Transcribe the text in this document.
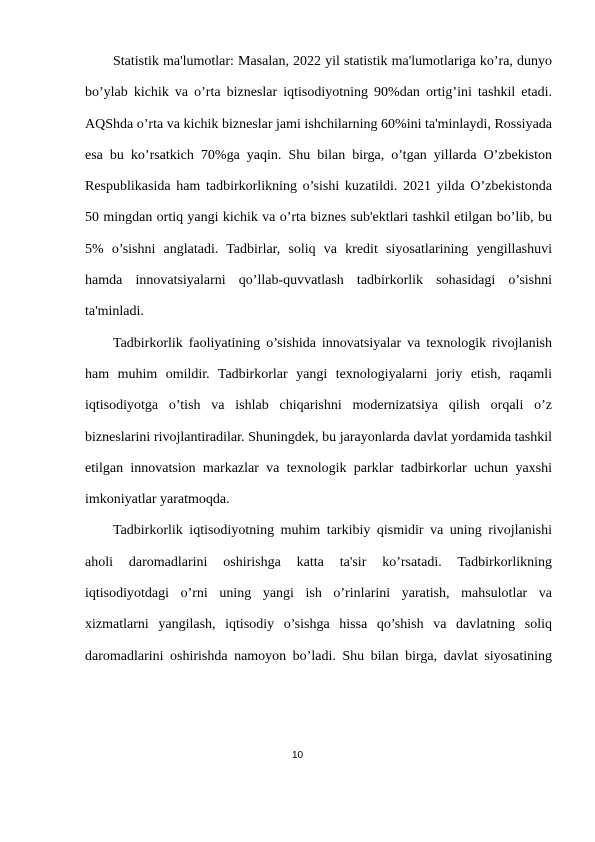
Statistik ma'lumotlar: Masalan, 2022 yil statistik ma'lumotlariga ko’ra, dunyo
bo’ylab kichik va o’rta bizneslar iqtisodiyotning 90%dan ortig’ini tashkil etadi.
AQShda o’rta va kichik bizneslar jami ishchilarning 60%ini ta'minlaydi, Rossiyada
esa bu ko’rsatkich 70%ga yaqin. Shu bilan birga, o’tgan yillarda O’zbekiston
Respublikasida ham tadbirkorlikning o’sishi kuzatildi. 2021 yilda O’zbekistonda
50 mingdan ortiq yangi kichik va o’rta biznes sub'ektlari tashkil etilgan bo’lib, bu
5% o’sishni anglatadi. Tadbirlar, soliq va kredit siyosatlarining yengillashuvi
hamda innovatsiyalarni qo’llab-quvvatlash tadbirkorlik sohasidagi o’sishni
ta'minladi.
Tadbirkorlik faoliyatining o’sishida innovatsiyalar va texnologik rivojlanish
ham muhim omildir. Tadbirkorlar yangi texnologiyalarni joriy etish, raqamli
iqtisodiyotga o’tish va ishlab chiqarishni modernizatsiya qilish orqali o’z
bizneslarini rivojlantiradilar. Shuningdek, bu jarayonlarda davlat yordamida tashkil
etilgan innovatsion markazlar va texnologik parklar tadbirkorlar uchun yaxshi
imkoniyatlar yaratmoqda.
Tadbirkorlik iqtisodiyotning muhim tarkibiy qismidir va uning rivojlanishi
aholi daromadlarini oshirishga katta ta'sir ko’rsatadi. Tadbirkorlikning
iqtisodiyotdagi o’rni uning yangi ish o’rinlarini yaratish, mahsulotlar va
xizmatlarni yangilash, iqtisodiy o’sishga hissa qo’shish va davlatning soliq
daromadlarini oshirishda namoyon bo’ladi. Shu bilan birga, davlat siyosatining
10
